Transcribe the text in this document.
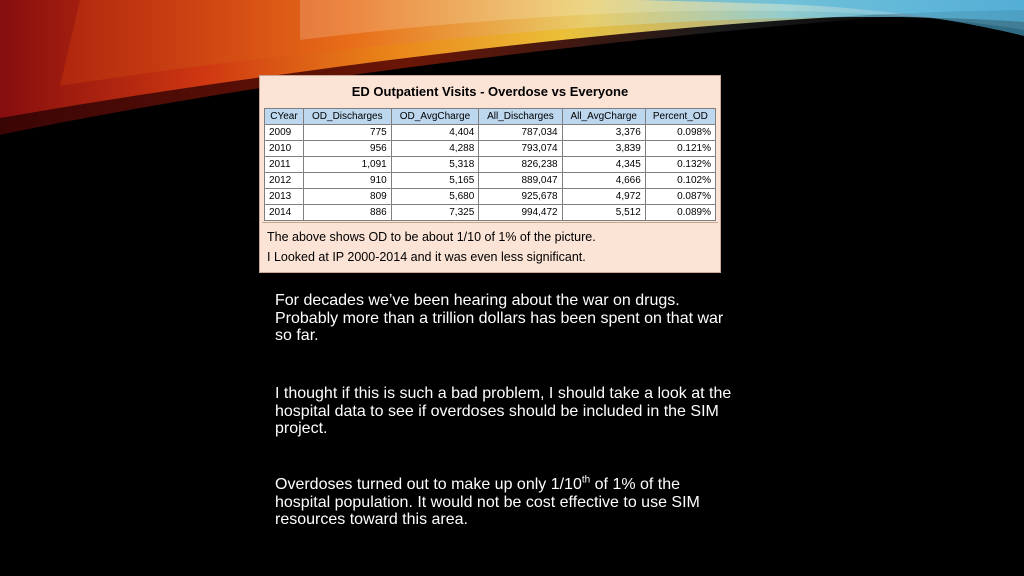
ED Outpatient Visits - Overdose vs Everyone
CYear	OD_Discharges	OD_AvgCharge	All_Discharges	All_AvgCharge	Percent_OD
2009	775	4,404	787,034	3,376	0.098%
2010	956	4,288	793,074	3,839	0.121%
2011	1,091	5,318	826,238	4,345	0.132%
2012	910	5,165	889,047	4,666	0.102%
2013	809	5,680	925,678	4,972	0.087%
2014	886	7,325	994,472	5,512	0.089%
The above shows OD to be about 1/10 of 1% of the picture.
I Looked at IP 2000-2014 and it was even less significant.

For decades we’ve been hearing about the war on drugs. Probably more than a trillion dollars has been spent on that war so far.

I thought if this is such a bad problem, I should take a look at the hospital data to see if overdoses should be included in the SIM project.

Overdoses turned out to make up only 1/10th of 1% of the hospital population. It would not be cost effective to use SIM resources toward this area.
